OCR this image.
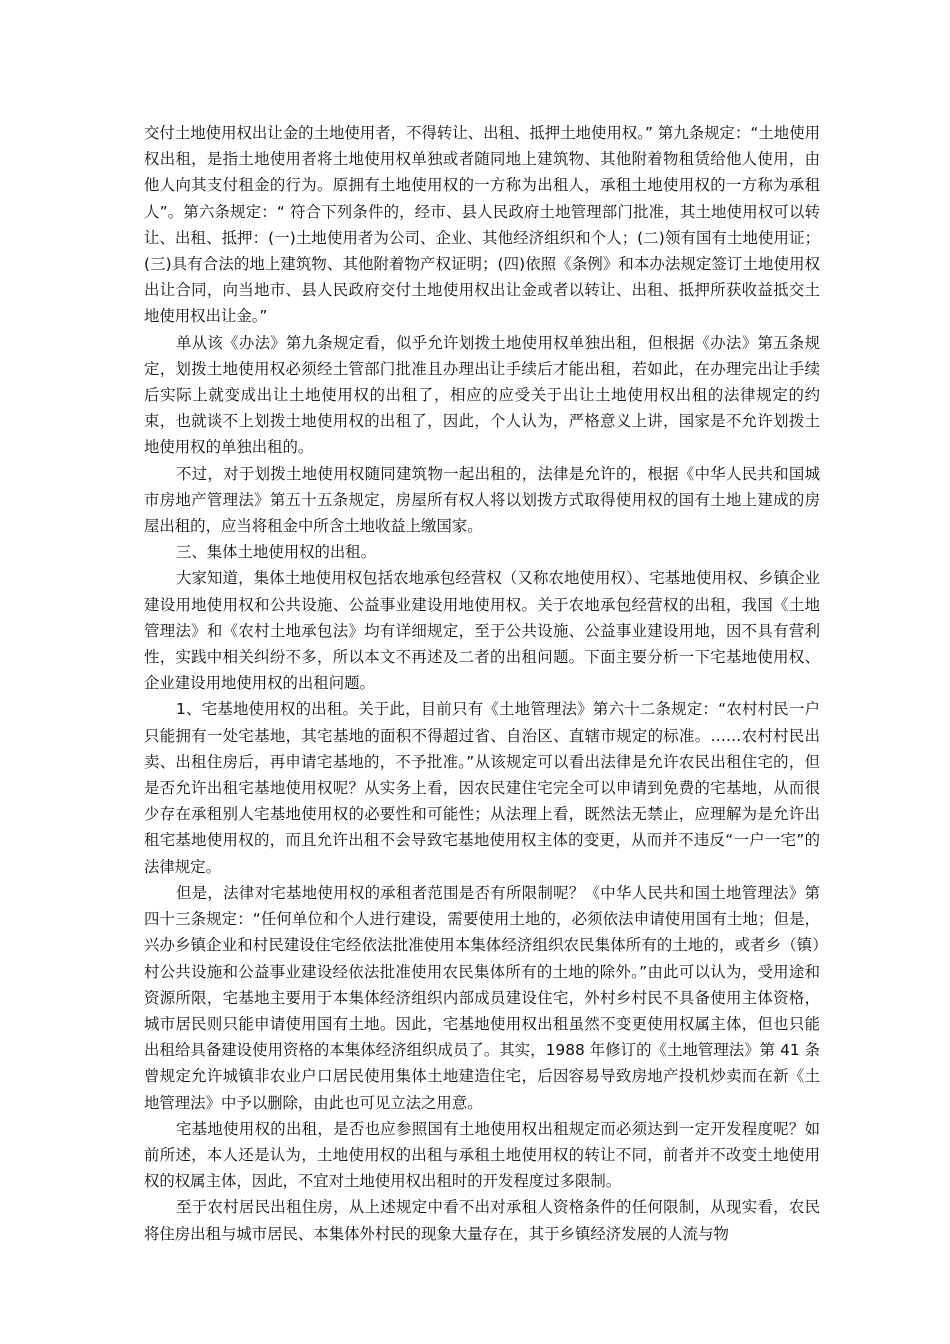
交付土地使用权出让金的土地使用者，不得转让、出租、抵押土地使用权。” 第九条规定：“土地使用权出租，是指土地使用者将土地使用权单独或者随同地上建筑物、其他附着物租赁给他人使用，由他人向其支付租金的行为。原拥有土地使用权的一方称为出租人，承租土地使用权的一方称为承租人”。第六条规定：“ 符合下列条件的，经市、县人民政府土地管理部门批准，其土地使用权可以转让、出租、抵押：(一)土地使用者为公司、企业、其他经济组织和个人；(二)领有国有土地使用证；(三)具有合法的地上建筑物、其他附着物产权证明；(四)依照《条例》和本办法规定签订土地使用权出让合同，向当地市、县人民政府交付土地使用权出让金或者以转让、出租、抵押所获收益抵交土地使用权出让金。”

单从该《办法》第九条规定看，似乎允许划拨土地使用权单独出租，但根据《办法》第五条规定，划拨土地使用权必须经土管部门批准且办理出让手续后才能出租，若如此，在办理完出让手续后实际上就变成出让土地使用权的出租了，相应的应受关于出让土地使用权出租的法律规定的约束，也就谈不上划拨土地使用权的出租了，因此，个人认为，严格意义上讲，国家是不允许划拨土地使用权的单独出租的。

不过，对于划拨土地使用权随同建筑物一起出租的，法律是允许的，根据《中华人民共和国城市房地产管理法》第五十五条规定，房屋所有权人将以划拨方式取得使用权的国有土地上建成的房屋出租的，应当将租金中所含土地收益上缴国家。

三、集体土地使用权的出租。

大家知道，集体土地使用权包括农地承包经营权（又称农地使用权）、宅基地使用权、乡镇企业建设用地使用权和公共设施、公益事业建设用地使用权。关于农地承包经营权的出租，我国《土地管理法》和《农村土地承包法》均有详细规定，至于公共设施、公益事业建设用地，因不具有营利性，实践中相关纠纷不多，所以本文不再述及二者的出租问题。下面主要分析一下宅基地使用权、企业建设用地使用权的出租问题。

1、宅基地使用权的出租。关于此，目前只有《土地管理法》第六十二条规定：“农村村民一户只能拥有一处宅基地，其宅基地的面积不得超过省、自治区、直辖市规定的标准。……农村村民出卖、出租住房后，再申请宅基地的，不予批准。”从该规定可以看出法律是允许农民出租住宅的，但是否允许出租宅基地使用权呢？从实务上看，因农民建住宅完全可以申请到免费的宅基地，从而很少存在承租别人宅基地使用权的必要性和可能性；从法理上看，既然法无禁止，应理解为是允许出租宅基地使用权的，而且允许出租不会导致宅基地使用权主体的变更，从而并不违反“一户一宅”的法律规定。

但是，法律对宅基地使用权的承租者范围是否有所限制呢？《中华人民共和国土地管理法》第四十三条规定：“任何单位和个人进行建设，需要使用土地的，必须依法申请使用国有土地；但是，兴办乡镇企业和村民建设住宅经依法批准使用本集体经济组织农民集体所有的土地的，或者乡（镇）村公共设施和公益事业建设经依法批准使用农民集体所有的土地的除外。”由此可以认为，受用途和资源所限，宅基地主要用于本集体经济组织内部成员建设住宅，外村乡村民不具备使用主体资格，城市居民则只能申请使用国有土地。因此，宅基地使用权出租虽然不变更使用权属主体，但也只能出租给具备建设使用资格的本集体经济组织成员了。其实，1988 年修订的《土地管理法》第 41 条曾规定允许城镇非农业户口居民使用集体土地建造住宅，后因容易导致房地产投机炒卖而在新《土地管理法》中予以删除，由此也可见立法之用意。

宅基地使用权的出租，是否也应参照国有土地使用权出租规定而必须达到一定开发程度呢？如前所述，本人还是认为，土地使用权的出租与承租土地使用权的转让不同，前者并不改变土地使用权的权属主体，因此，不宜对土地使用权出租时的开发程度过多限制。

至于农村居民出租住房，从上述规定中看不出对承租人资格条件的任何限制，从现实看，农民将住房出租与城市居民、本集体外村民的现象大量存在，其于乡镇经济发展的人流与物
